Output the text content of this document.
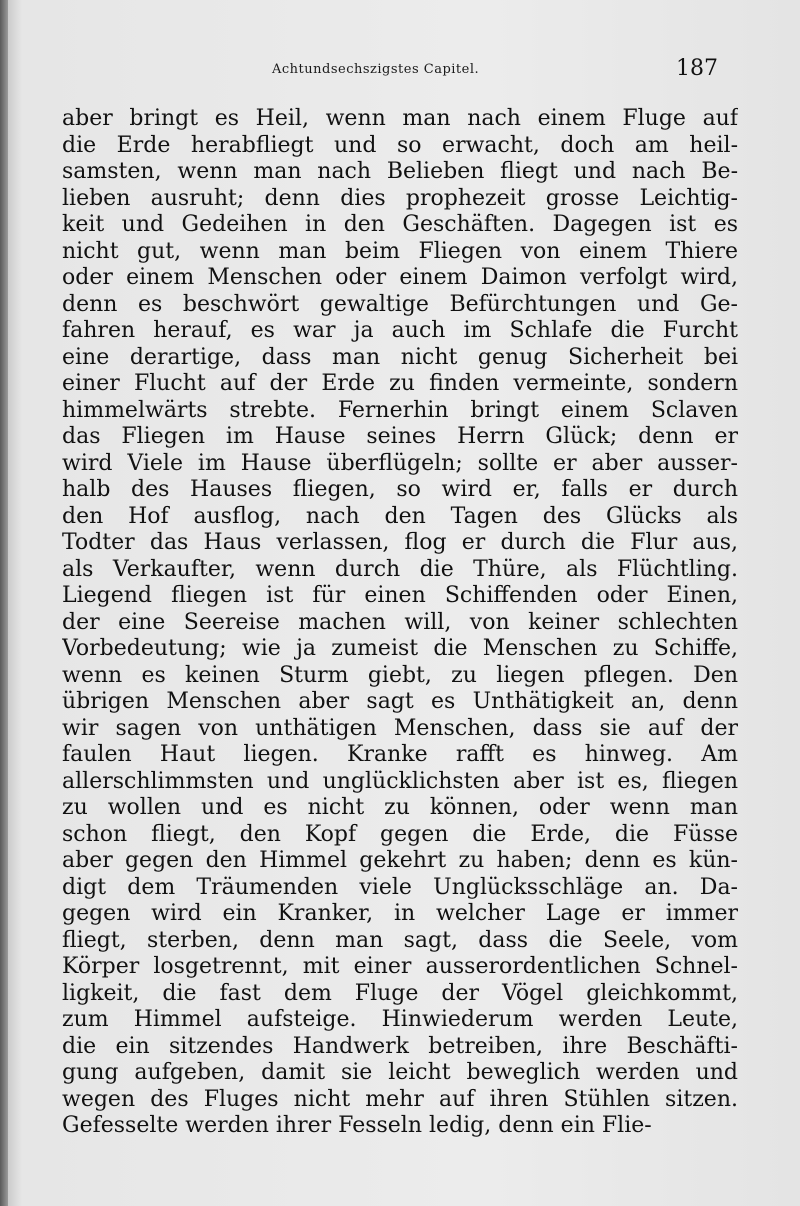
Achtundsechszigstes Capitel.	187
aber bringt es Heil, wenn man nach einem Fluge auf
die Erde herabfliegt und so erwacht, doch am heil-
samsten, wenn man nach Belieben fliegt und nach Be-
lieben ausruht; denn dies prophezeit grosse Leichtig-
keit und Gedeihen in den Geschäften. Dagegen ist es
nicht gut, wenn man beim Fliegen von einem Thiere
oder einem Menschen oder einem Daimon verfolgt wird,
denn es beschwört gewaltige Befürchtungen und Ge-
fahren herauf, es war ja auch im Schlafe die Furcht
eine derartige, dass man nicht genug Sicherheit bei
einer Flucht auf der Erde zu finden vermeinte, sondern
himmelwärts strebte. Fernerhin bringt einem Sclaven
das Fliegen im Hause seines Herrn Glück; denn er
wird Viele im Hause überflügeln; sollte er aber ausser-
halb des Hauses fliegen, so wird er, falls er durch
den Hof ausflog, nach den Tagen des Glücks als
Todter das Haus verlassen, flog er durch die Flur aus,
als Verkaufter, wenn durch die Thüre, als Flüchtling.
Liegend fliegen ist für einen Schiffenden oder Einen,
der eine Seereise machen will, von keiner schlechten
Vorbedeutung; wie ja zumeist die Menschen zu Schiffe,
wenn es keinen Sturm giebt, zu liegen pflegen. Den
übrigen Menschen aber sagt es Unthätigkeit an, denn
wir sagen von unthätigen Menschen, dass sie auf der
faulen Haut liegen. Kranke rafft es hinweg. Am
allerschlimmsten und unglücklichsten aber ist es, fliegen
zu wollen und es nicht zu können, oder wenn man
schon fliegt, den Kopf gegen die Erde, die Füsse
aber gegen den Himmel gekehrt zu haben; denn es kün-
digt dem Träumenden viele Unglücksschläge an. Da-
gegen wird ein Kranker, in welcher Lage er immer
fliegt, sterben, denn man sagt, dass die Seele, vom
Körper losgetrennt, mit einer ausserordentlichen Schnel-
ligkeit, die fast dem Fluge der Vögel gleichkommt,
zum Himmel aufsteige. Hinwiederum werden Leute,
die ein sitzendes Handwerk betreiben, ihre Beschäfti-
gung aufgeben, damit sie leicht beweglich werden und
wegen des Fluges nicht mehr auf ihren Stühlen sitzen.
Gefesselte werden ihrer Fesseln ledig, denn ein Flie-
